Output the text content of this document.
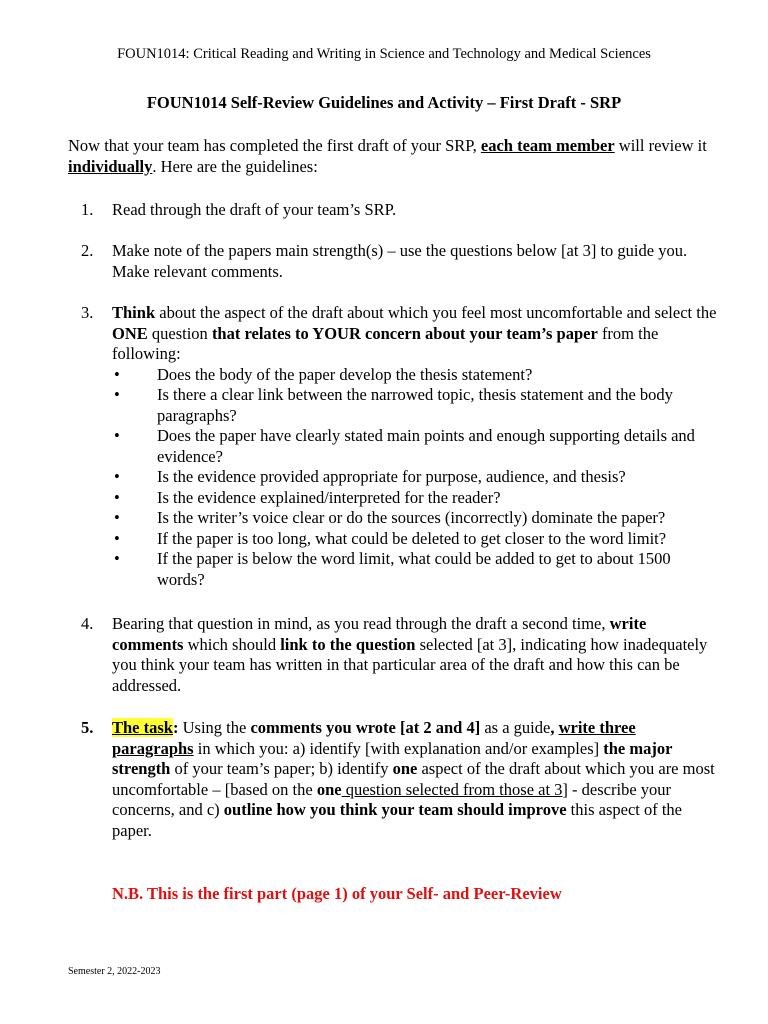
FOUN1014: Critical Reading and Writing in Science and Technology and Medical Sciences
FOUN1014 Self-Review Guidelines and Activity – First Draft - SRP
Now that your team has completed the first draft of your SRP, each team member will review it individually. Here are the guidelines:
1.	Read through the draft of your team’s SRP.
2.	Make note of the papers main strength(s) – use the questions below [at 3] to guide you. Make relevant comments.
3.	Think about the aspect of the draft about which you feel most uncomfortable and select the ONE question that relates to YOUR concern about your team’s paper from the following:
• Does the body of the paper develop the thesis statement?
• Is there a clear link between the narrowed topic, thesis statement and the body paragraphs?
• Does the paper have clearly stated main points and enough supporting details and evidence?
• Is the evidence provided appropriate for purpose, audience, and thesis?
• Is the evidence explained/interpreted for the reader?
• Is the writer’s voice clear or do the sources (incorrectly) dominate the paper?
• If the paper is too long, what could be deleted to get closer to the word limit?
• If the paper is below the word limit, what could be added to get to about 1500 words?
4.	Bearing that question in mind, as you read through the draft a second time, write comments which should link to the question selected [at 3], indicating how inadequately you think your team has written in that particular area of the draft and how this can be addressed.
5.	The task: Using the comments you wrote [at 2 and 4] as a guide, write three paragraphs in which you: a) identify [with explanation and/or examples] the major strength of your team’s paper; b) identify one aspect of the draft about which you are most uncomfortable – [based on the one question selected from those at 3] - describe your concerns, and c) outline how you think your team should improve this aspect of the paper.
N.B. This is the first part (page 1) of your Self- and Peer-Review
Semester 2, 2022-2023
